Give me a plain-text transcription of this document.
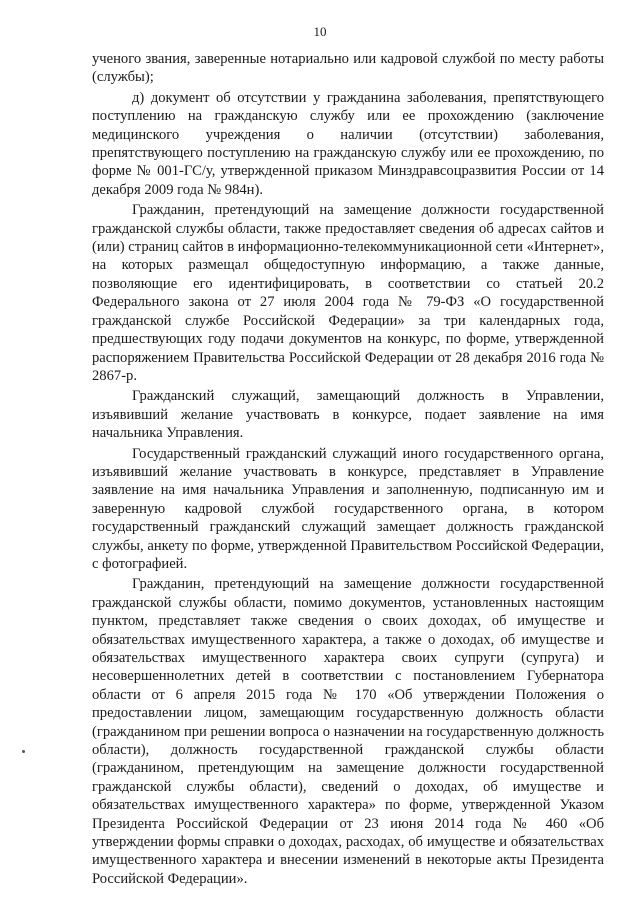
10

ученого звания, заверенные нотариально или кадровой службой по месту работы (службы);

д) документ об отсутствии у гражданина заболевания, препятствующего поступлению на гражданскую службу или ее прохождению (заключение медицинского учреждения о наличии (отсутствии) заболевания, препятствующего поступлению на гражданскую службу или ее прохождению, по форме № 001-ГС/у, утвержденной приказом Минздравсоцразвития России от 14 декабря 2009 года № 984н).

Гражданин, претендующий на замещение должности государственной гражданской службы области, также предоставляет сведения об адресах сайтов и (или) страниц сайтов в информационно-телекоммуникационной сети «Интернет», на которых размещал общедоступную информацию, а также данные, позволяющие его идентифицировать, в соответствии со статьей 20.2 Федерального закона от 27 июля 2004 года № 79-ФЗ «О государственной гражданской службе Российской Федерации» за три календарных года, предшествующих году подачи документов на конкурс, по форме, утвержденной распоряжением Правительства Российской Федерации от 28 декабря 2016 года № 2867-р.

Гражданский служащий, замещающий должность в Управлении, изъявивший желание участвовать в конкурсе, подает заявление на имя начальника Управления.

Государственный гражданский служащий иного государственного органа, изъявивший желание участвовать в конкурсе, представляет в Управление заявление на имя начальника Управления и заполненную, подписанную им и заверенную кадровой службой государственного органа, в котором государственный гражданский служащий замещает должность гражданской службы, анкету по форме, утвержденной Правительством Российской Федерации, с фотографией.

Гражданин, претендующий на замещение должности государственной гражданской службы области, помимо документов, установленных настоящим пунктом, представляет также сведения о своих доходах, об имуществе и обязательствах имущественного характера, а также о доходах, об имуществе и обязательствах имущественного характера своих супруги (супруга) и несовершеннолетних детей в соответствии с постановлением Губернатора области от 6 апреля 2015 года № 170 «Об утверждении Положения о предоставлении лицом, замещающим государственную должность области (гражданином при решении вопроса о назначении на государственную должность области), должность государственной гражданской службы области (гражданином, претендующим на замещение должности государственной гражданской службы области), сведений о доходах, об имуществе и обязательствах имущественного характера» по форме, утвержденной Указом Президента Российской Федерации от 23 июня 2014 года № 460 «Об утверждении формы справки о доходах, расходах, об имуществе и обязательствах имущественного характера и внесении изменений в некоторые акты Президента Российской Федерации».
